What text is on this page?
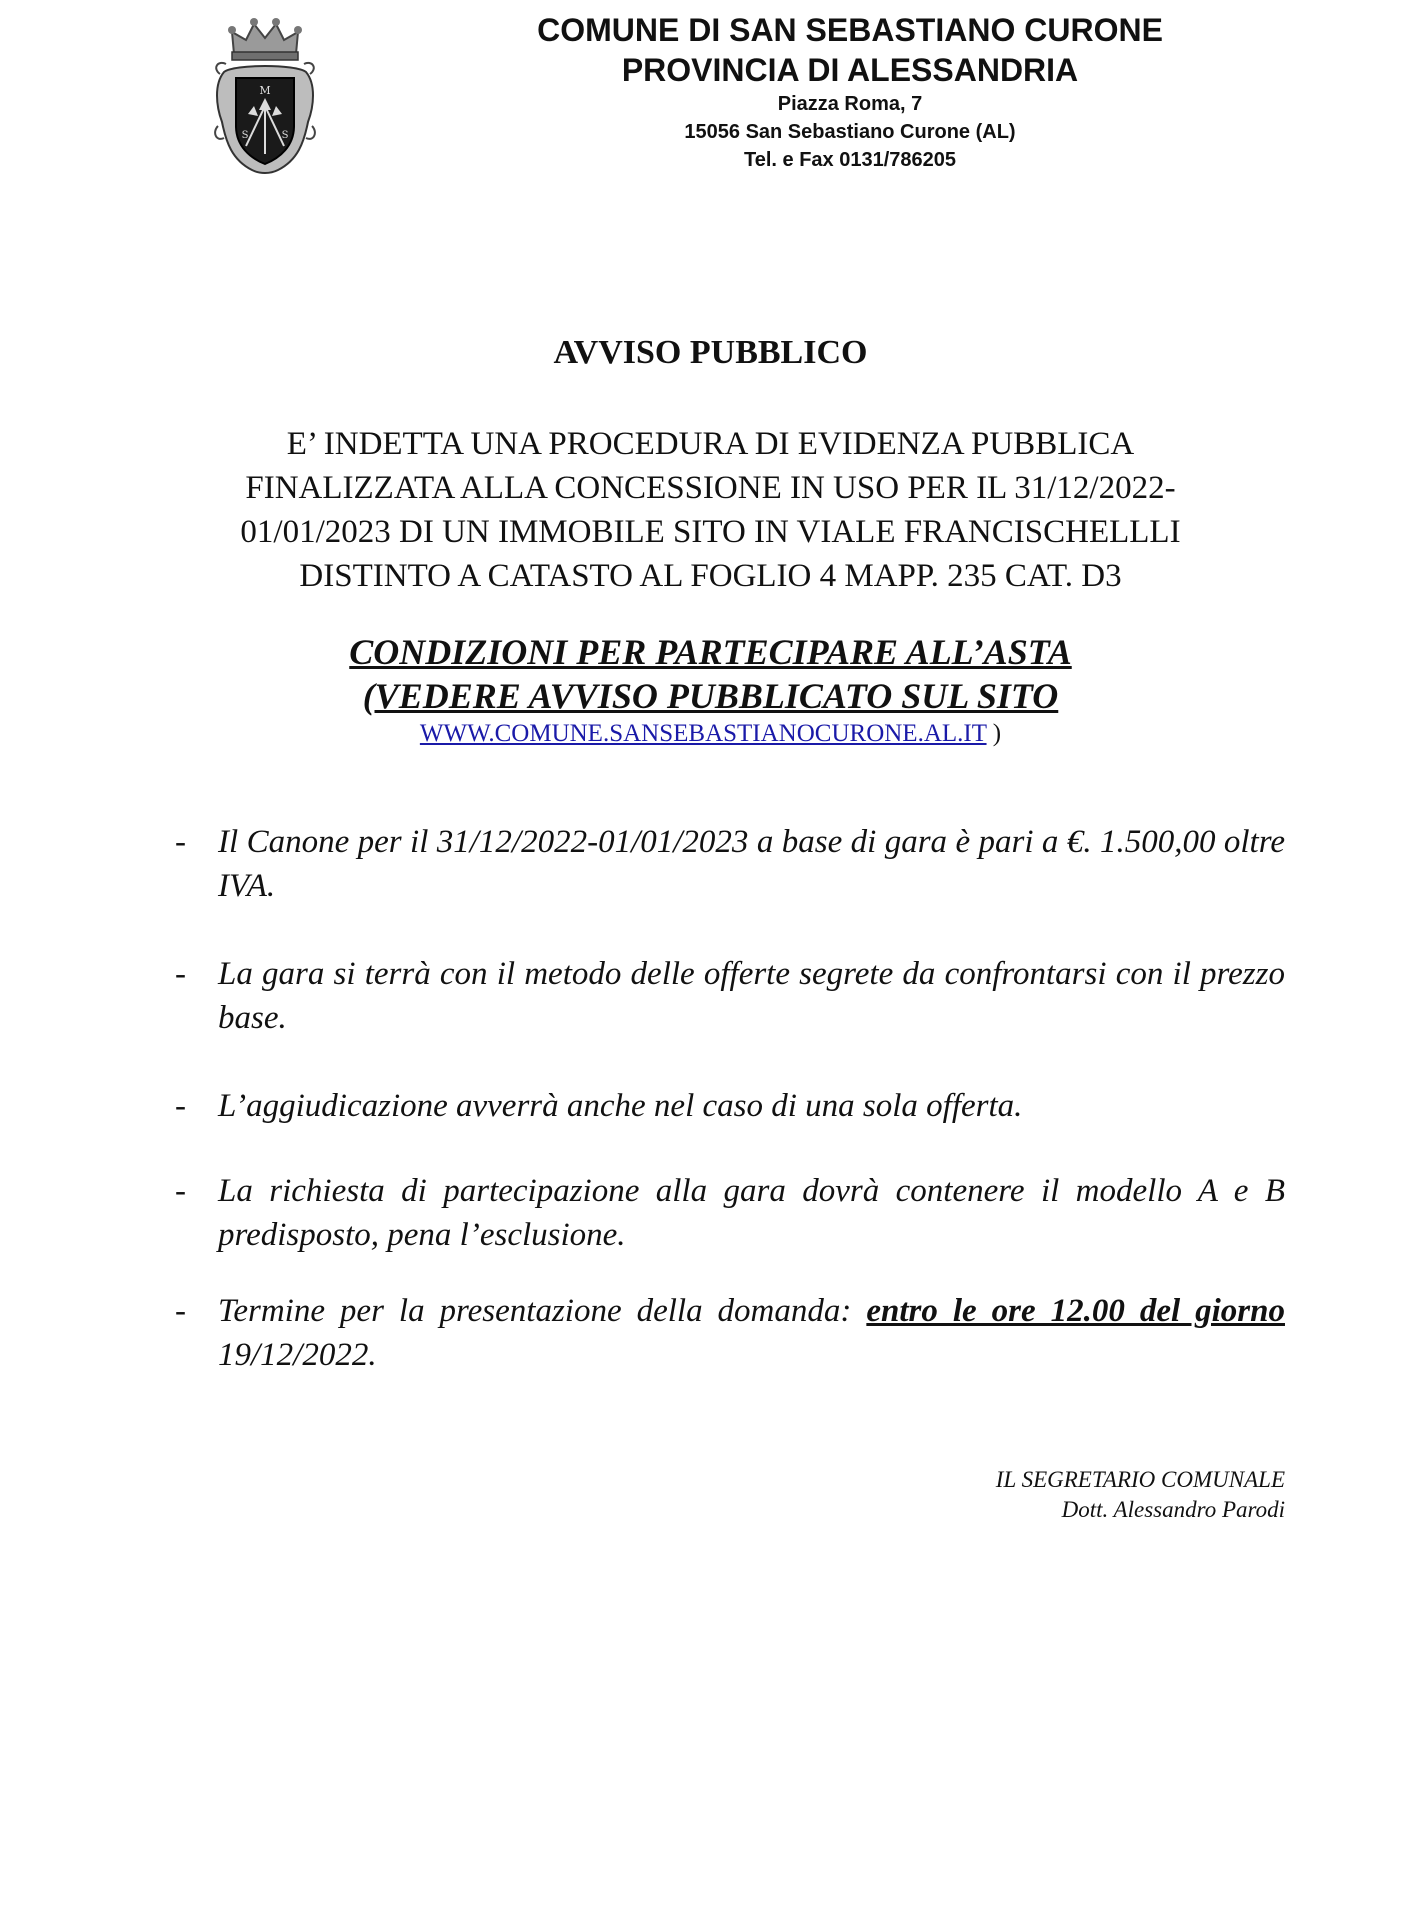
M
S	S
COMUNE DI SAN SEBASTIANO CURONE
PROVINCIA DI ALESSANDRIA
Piazza Roma, 7
15056 San Sebastiano Curone (AL)
Tel. e Fax 0131/786205
AVVISO PUBBLICO
E’ INDETTA UNA PROCEDURA DI EVIDENZA PUBBLICA
FINALIZZATA ALLA CONCESSIONE IN USO PER IL 31/12/2022-
01/01/2023 DI UN IMMOBILE SITO IN VIALE FRANCISCHELLLI
DISTINTO A CATASTO AL FOGLIO 4 MAPP. 235 CAT. D3
CONDIZIONI PER PARTECIPARE ALL’ASTA
(VEDERE AVVISO PUBBLICATO SUL SITO
WWW.COMUNE.SANSEBASTIANOCURONE.AL.IT )
- Il Canone per il 31/12/2022-01/01/2023 a base di gara è pari a €. 1.500,00 oltre IVA.
- La gara si terrà con il metodo delle offerte segrete da confrontarsi con il prezzo base.
- L’aggiudicazione avverrà anche nel caso di una sola offerta.
- La richiesta di partecipazione alla gara dovrà contenere il modello A e B predisposto, pena l’esclusione.
- Termine per la presentazione della domanda: entro le ore 12.00 del giorno 19/12/2022.
IL SEGRETARIO COMUNALE
Dott. Alessandro Parodi
